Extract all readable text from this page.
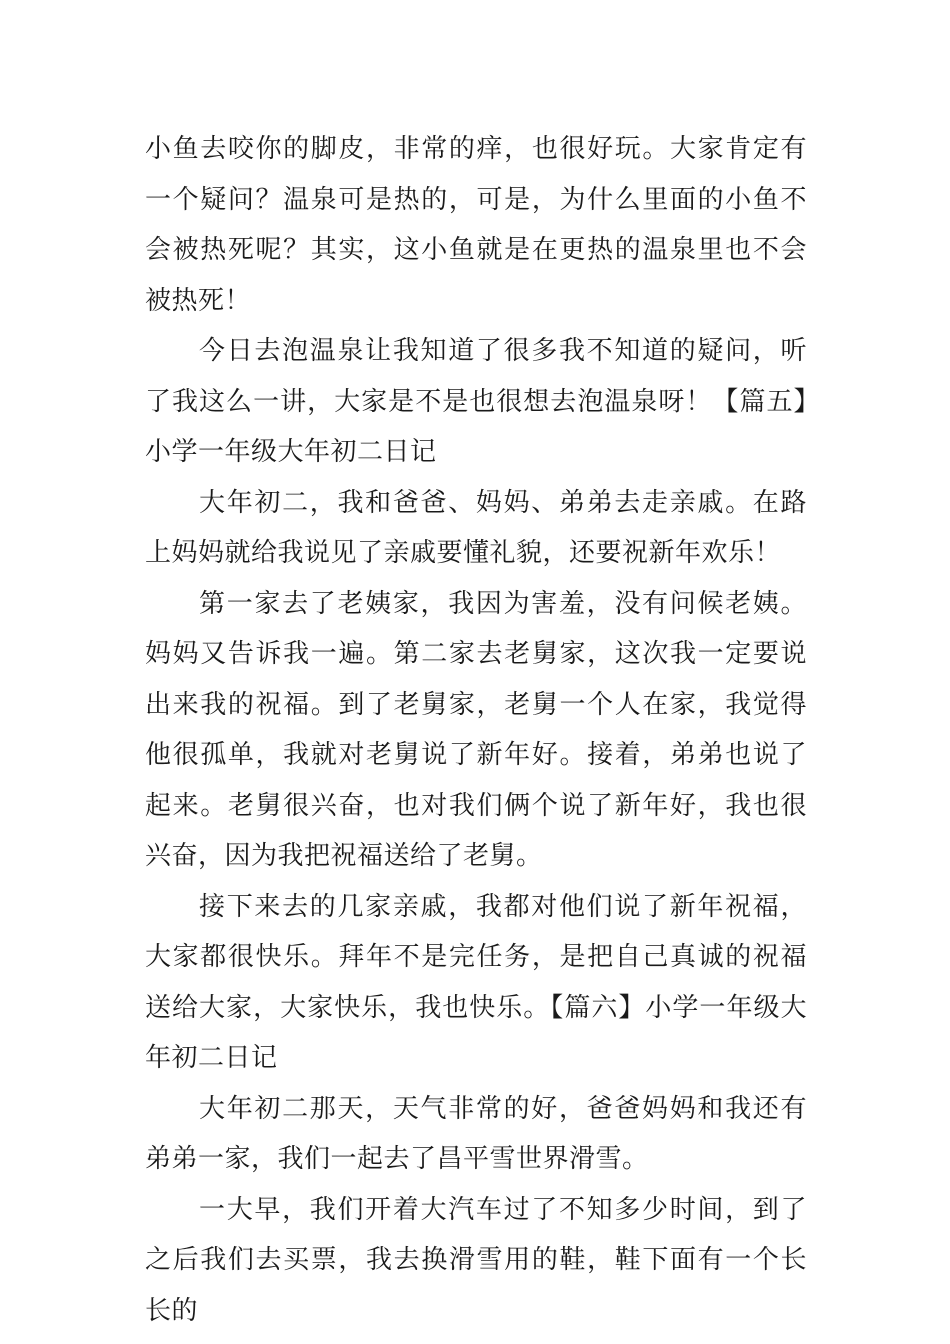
小鱼去咬你的脚皮，非常的痒，也很好玩。大家肯定有一个疑问？温泉可是热的，可是，为什么里面的小鱼不会被热死呢？其实，这小鱼就是在更热的温泉里也不会被热死！

今日去泡温泉让我知道了很多我不知道的疑问，听了我这么一讲，大家是不是也很想去泡温泉呀！【篇五】小学一年级大年初二日记

大年初二，我和爸爸、妈妈、弟弟去走亲戚。在路上妈妈就给我说见了亲戚要懂礼貌，还要祝新年欢乐！

第一家去了老姨家，我因为害羞，没有问候老姨。妈妈又告诉我一遍。第二家去老舅家，这次我一定要说出来我的祝福。到了老舅家，老舅一个人在家，我觉得他很孤单，我就对老舅说了新年好。接着，弟弟也说了起来。老舅很兴奋，也对我们俩个说了新年好，我也很兴奋，因为我把祝福送给了老舅。

接下来去的几家亲戚，我都对他们说了新年祝福，大家都很快乐。拜年不是完任务，是把自己真诚的祝福送给大家，大家快乐，我也快乐。【篇六】小学一年级大年初二日记

大年初二那天，天气非常的好，爸爸妈妈和我还有弟弟一家，我们一起去了昌平雪世界滑雪。

一大早，我们开着大汽车过了不知多少时间，到了之后我们去买票，我去换滑雪用的鞋，鞋下面有一个长长的
